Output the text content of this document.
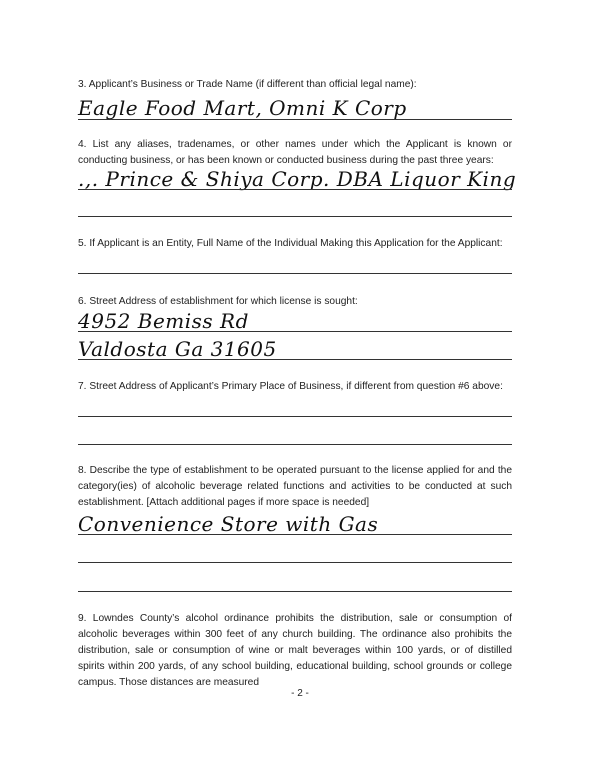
3. Applicant’s Business or Trade Name (if different than official legal name):
Eagle Food Mart, Omni K Corp
4. List any aliases, tradenames, or other names under which the Applicant is known or conducting business, or has been known or conducted business during the past three years:
.,. Prince & Shiya Corp. DBA Liquor King
5. If Applicant is an Entity, Full Name of the Individual Making this Application for the Applicant:
6. Street Address of establishment for which license is sought:
4952 Bemiss Rd
Valdosta Ga 31605
7. Street Address of Applicant’s Primary Place of Business, if different from question #6 above:
8. Describe the type of establishment to be operated pursuant to the license applied for and the category(ies) of alcoholic beverage related functions and activities to be conducted at such establishment. [Attach additional pages if more space is needed]
Convenience Store with Gas
9. Lowndes County’s alcohol ordinance prohibits the distribution, sale or consumption of alcoholic beverages within 300 feet of any church building. The ordinance also prohibits the distribution, sale or consumption of wine or malt beverages within 100 yards, or of distilled spirits within 200 yards, of any school building, educational building, school grounds or college campus. Those distances are measured
- 2 -
